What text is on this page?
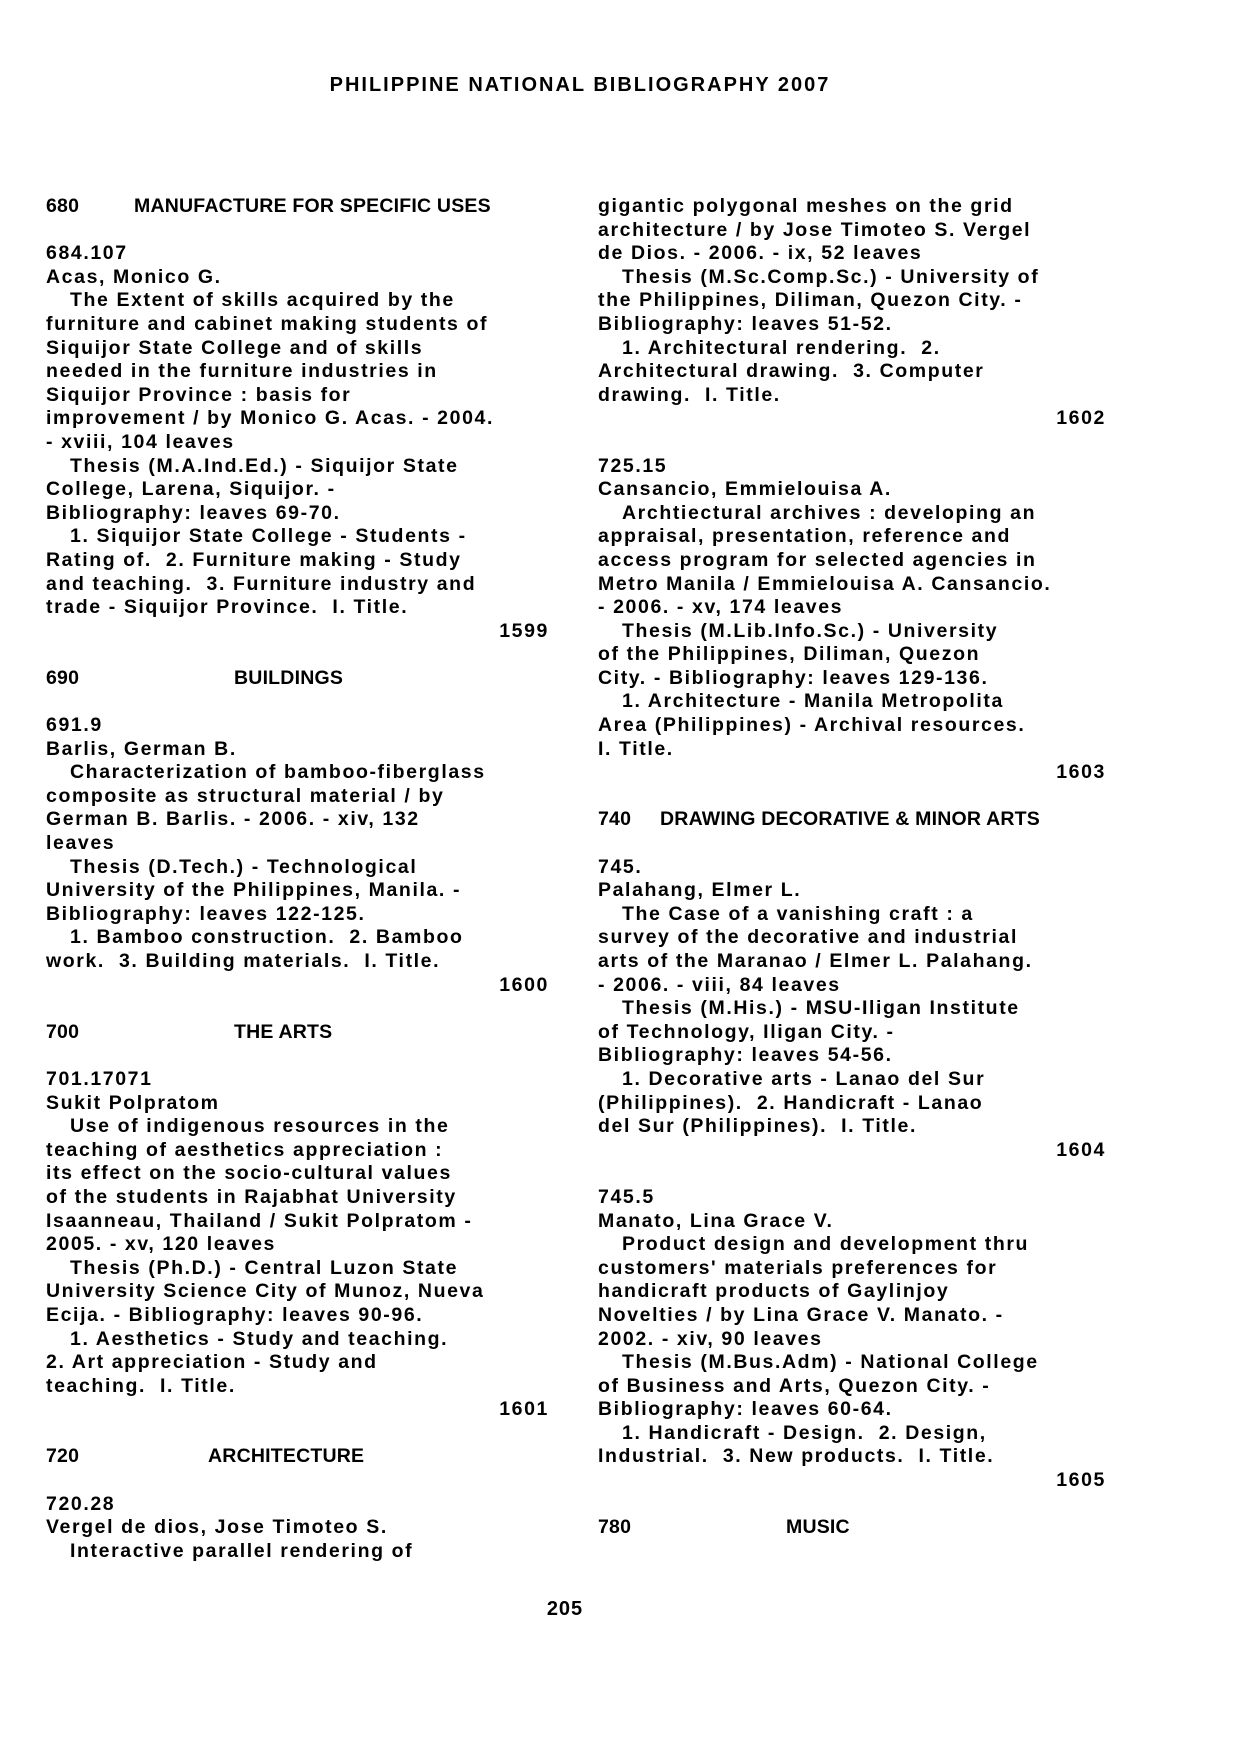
PHILIPPINE NATIONAL BIBLIOGRAPHY 2007
680	MANUFACTURE FOR SPECIFIC USES
684.107
Acas, Monico G.
The Extent of skills acquired by the
furniture and cabinet making students of
Siquijor State College and of skills
needed in the furniture industries in
Siquijor Province : basis for
improvement / by Monico G. Acas. - 2004.
- xviii, 104 leaves
Thesis (M.A.Ind.Ed.) - Siquijor State
College, Larena, Siquijor. -
Bibliography: leaves 69-70.
1. Siquijor State College - Students -
Rating of.  2. Furniture making - Study
and teaching.  3. Furniture industry and
trade - Siquijor Province.  I. Title.
1599
690	BUILDINGS
691.9
Barlis, German B.
Characterization of bamboo-fiberglass
composite as structural material / by
German B. Barlis. - 2006. - xiv, 132
leaves
Thesis (D.Tech.) - Technological
University of the Philippines, Manila. -
Bibliography: leaves 122-125.
1. Bamboo construction.  2. Bamboo
work.  3. Building materials.  I. Title.
1600
700	THE ARTS
701.17071
Sukit Polpratom
Use of indigenous resources in the
teaching of aesthetics appreciation :
its effect on the socio-cultural values
of the students in Rajabhat University
Isaanneau, Thailand / Sukit Polpratom -
2005. - xv, 120 leaves
Thesis (Ph.D.) - Central Luzon State
University Science City of Munoz, Nueva
Ecija. - Bibliography: leaves 90-96.
1. Aesthetics - Study and teaching.
2. Art appreciation - Study and
teaching.  I. Title.
1601
720	ARCHITECTURE
720.28
Vergel de dios, Jose Timoteo S.
Interactive parallel rendering of
gigantic polygonal meshes on the grid
architecture / by Jose Timoteo S. Vergel
de Dios. - 2006. - ix, 52 leaves
Thesis (M.Sc.Comp.Sc.) - University of
the Philippines, Diliman, Quezon City. -
Bibliography: leaves 51-52.
1. Architectural rendering.  2.
Architectural drawing.  3. Computer
drawing.  I. Title.
1602
725.15
Cansancio, Emmielouisa A.
Archtiectural archives : developing an
appraisal, presentation, reference and
access program for selected agencies in
Metro Manila / Emmielouisa A. Cansancio.
- 2006. - xv, 174 leaves
Thesis (M.Lib.Info.Sc.) - University
of the Philippines, Diliman, Quezon
City. - Bibliography: leaves 129-136.
1. Architecture - Manila Metropolita
Area (Philippines) - Archival resources.
I. Title.
1603
740 DRAWING DECORATIVE & MINOR ARTS
745.
Palahang, Elmer L.
The Case of a vanishing craft : a
survey of the decorative and industrial
arts of the Maranao / Elmer L. Palahang.
- 2006. - viii, 84 leaves
Thesis (M.His.) - MSU-Iligan Institute
of Technology, Iligan City. -
Bibliography: leaves 54-56.
1. Decorative arts - Lanao del Sur
(Philippines).  2. Handicraft - Lanao
del Sur (Philippines).  I. Title.
1604
745.5
Manato, Lina Grace V.
Product design and development thru
customers' materials preferences for
handicraft products of Gaylinjoy
Novelties / by Lina Grace V. Manato. -
2002. - xiv, 90 leaves
Thesis (M.Bus.Adm) - National College
of Business and Arts, Quezon City. -
Bibliography: leaves 60-64.
1. Handicraft - Design.  2. Design,
Industrial.  3. New products.  I. Title.
1605
780	MUSIC
205
